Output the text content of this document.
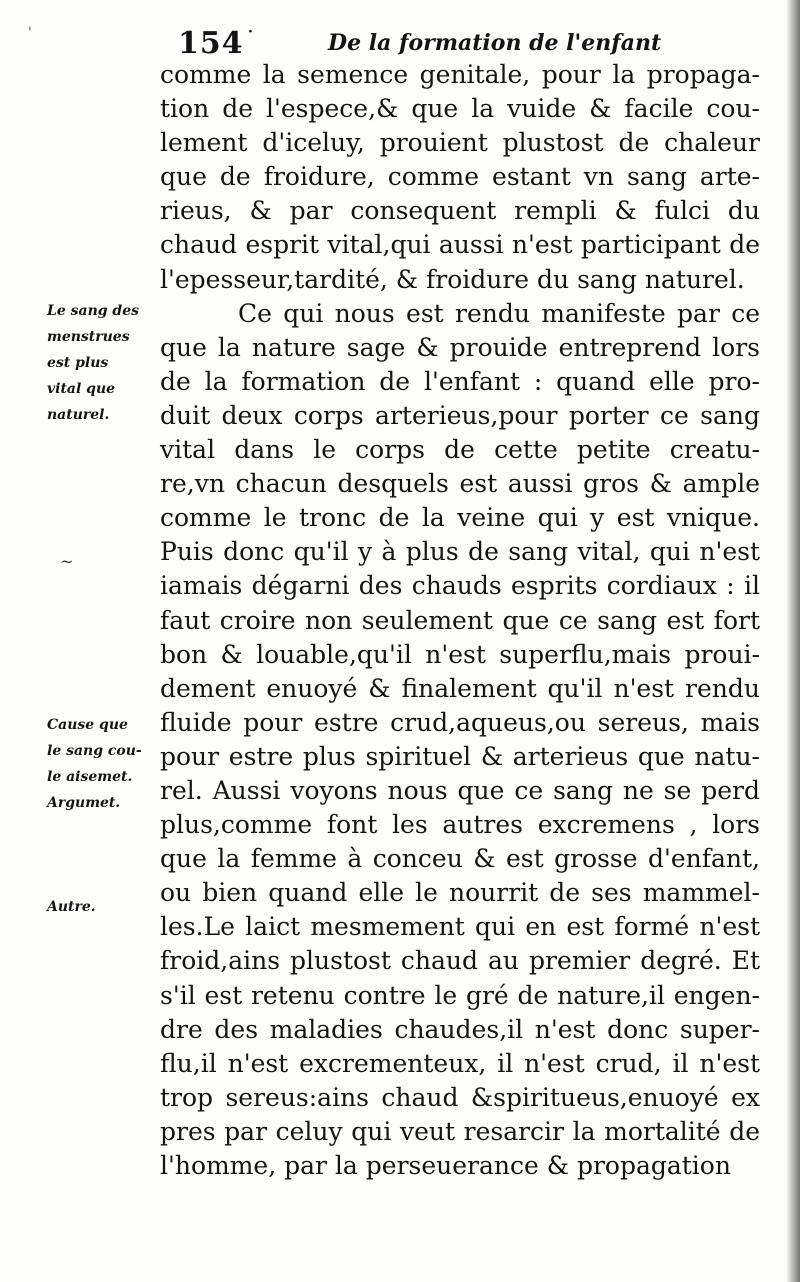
'	154 ·	De la formation de l'enfant
comme la semence genitale, pour la propaga-
tion de l'espece,& que la vuide & facile cou-
lement d'iceluy, prouient plustost de chaleur
que de froidure, comme estant vn sang arte-
rieus, & par consequent rempli & fulci du
chaud esprit vital,qui aussi n'est participant de
l'epesseur,tardité, & froidure du sang naturel.
Ce qui nous est rendu manifeste par ce
que la nature sage & prouide entreprend lors
de la formation de l'enfant : quand elle pro-
duit deux corps arterieus,pour porter ce sang
vital dans le corps de cette petite creatu-
re,vn chacun desquels est aussi gros & ample
comme le tronc de la veine qui y est vnique.
Puis donc qu'il y à plus de sang vital, qui n'est
iamais dégarni des chauds esprits cordiaux : il
faut croire non seulement que ce sang est fort
bon & louable,qu'il n'est superflu,mais proui-
dement enuoyé & finalement qu'il n'est rendu
fluide pour estre crud,aqueus,ou sereus, mais
pour estre plus spirituel & arterieus que natu-
rel. Aussi voyons nous que ce sang ne se perd
plus,comme font les autres excremens , lors
que la femme à conceu & est grosse d'enfant,
ou bien quand elle le nourrit de ses mammel-
les.Le laict mesmement qui en est formé n'est
froid,ains plustost chaud au premier degré. Et
s'il est retenu contre le gré de nature,il engen-
dre des maladies chaudes,il n'est donc super-
flu,il n'est excrementeux, il n'est crud, il n'est
trop sereus:ains chaud &spiritueus,enuoyé ex
pres par celuy qui veut resarcir la mortalité de
l'homme, par la perseuerance & propagation
Le sang des
menstrues
est plus
vital que
naturel.
~
Cause que
le sang cou-
le aisemet.
Argumet.
Autre.
